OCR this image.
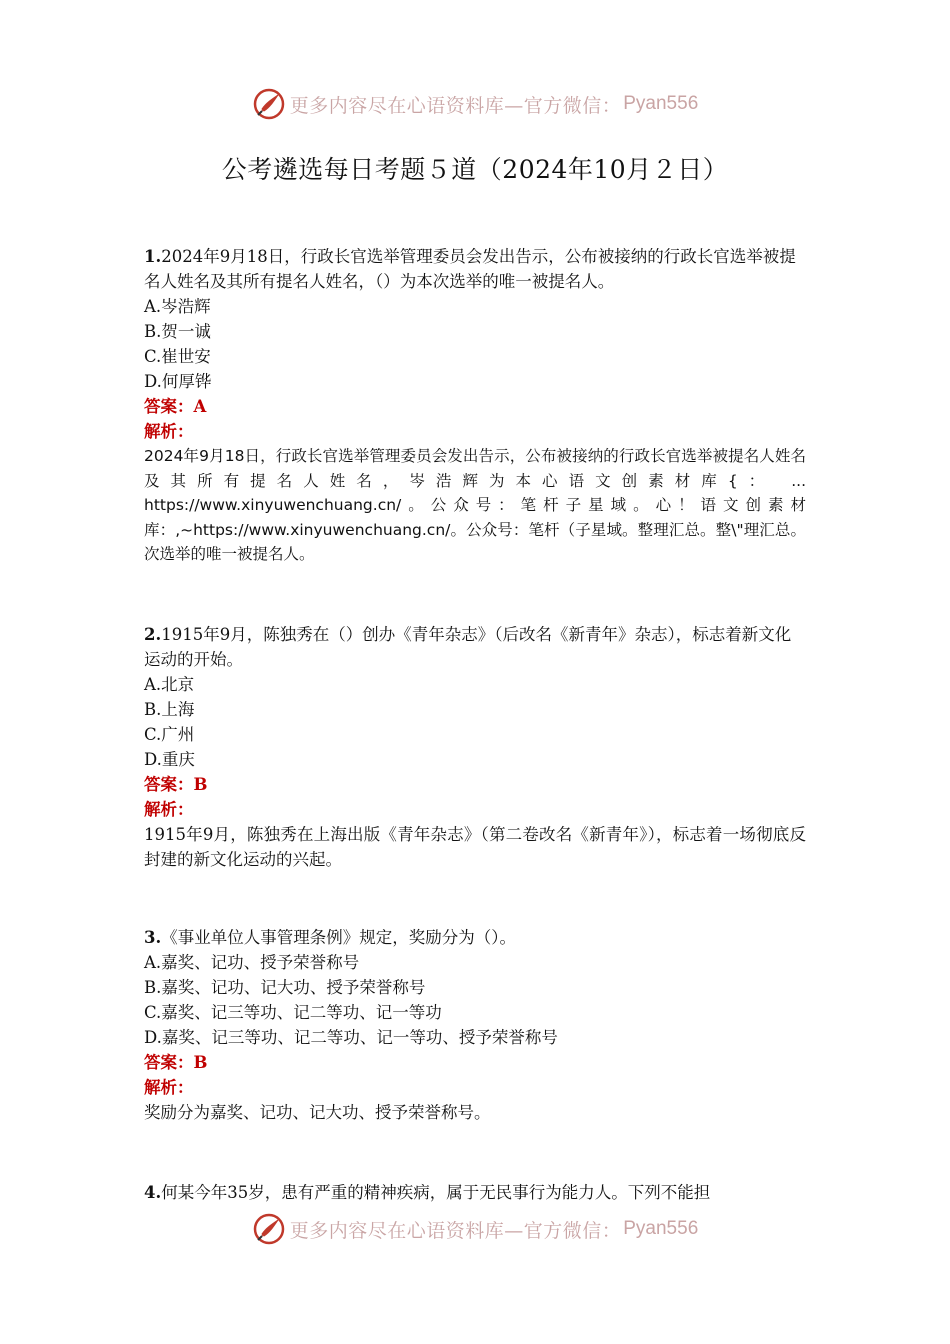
更多内容尽在心语资料库—官方微信： Pyan556
公考遴选每日考题５道（2024年10月２日）
1.2024年9月18日，行政长官选举管理委员会发出告示，公布被接纳的行政长官选举被提名人姓名及其所有提名人姓名，（）为本次选举的唯一被提名人。
A.岑浩辉
B.贺一诚
C.崔世安
D.何厚铧
答案：A
解析：
2024年9月18日，行政长官选举管理委员会发出告示，公布被接纳的行政长官选举被提名人姓名及其所有提名人姓名，岑浩辉为本心语文创素材库{： ... https://www.xinyuwenchuang.cn/。公众号：笔杆子星域。心！语文创素材库：,~https://www.xinyuwenchuang.cn/。公众号：笔杆（子星域。整理汇总。整\"理汇总。次选举的唯一被提名人。
2.1915年9月，陈独秀在（）创办《青年杂志》（后改名《新青年》杂志），标志着新文化运动的开始。
A.北京
B.上海
C.广州
D.重庆
答案：B
解析：
1915年9月，陈独秀在上海出版《青年杂志》（第二卷改名《新青年》），标志着一场彻底反封建的新文化运动的兴起。
3.《事业单位人事管理条例》规定，奖励分为（）。
A.嘉奖、记功、授予荣誉称号
B.嘉奖、记功、记大功、授予荣誉称号
C.嘉奖、记三等功、记二等功、记一等功
D.嘉奖、记三等功、记二等功、记一等功、授予荣誉称号
答案：B
解析：
奖励分为嘉奖、记功、记大功、授予荣誉称号。
4.何某今年35岁，患有严重的精神疾病，属于无民事行为能力人。下列不能担
更多内容尽在心语资料库—官方微信： Pyan556
